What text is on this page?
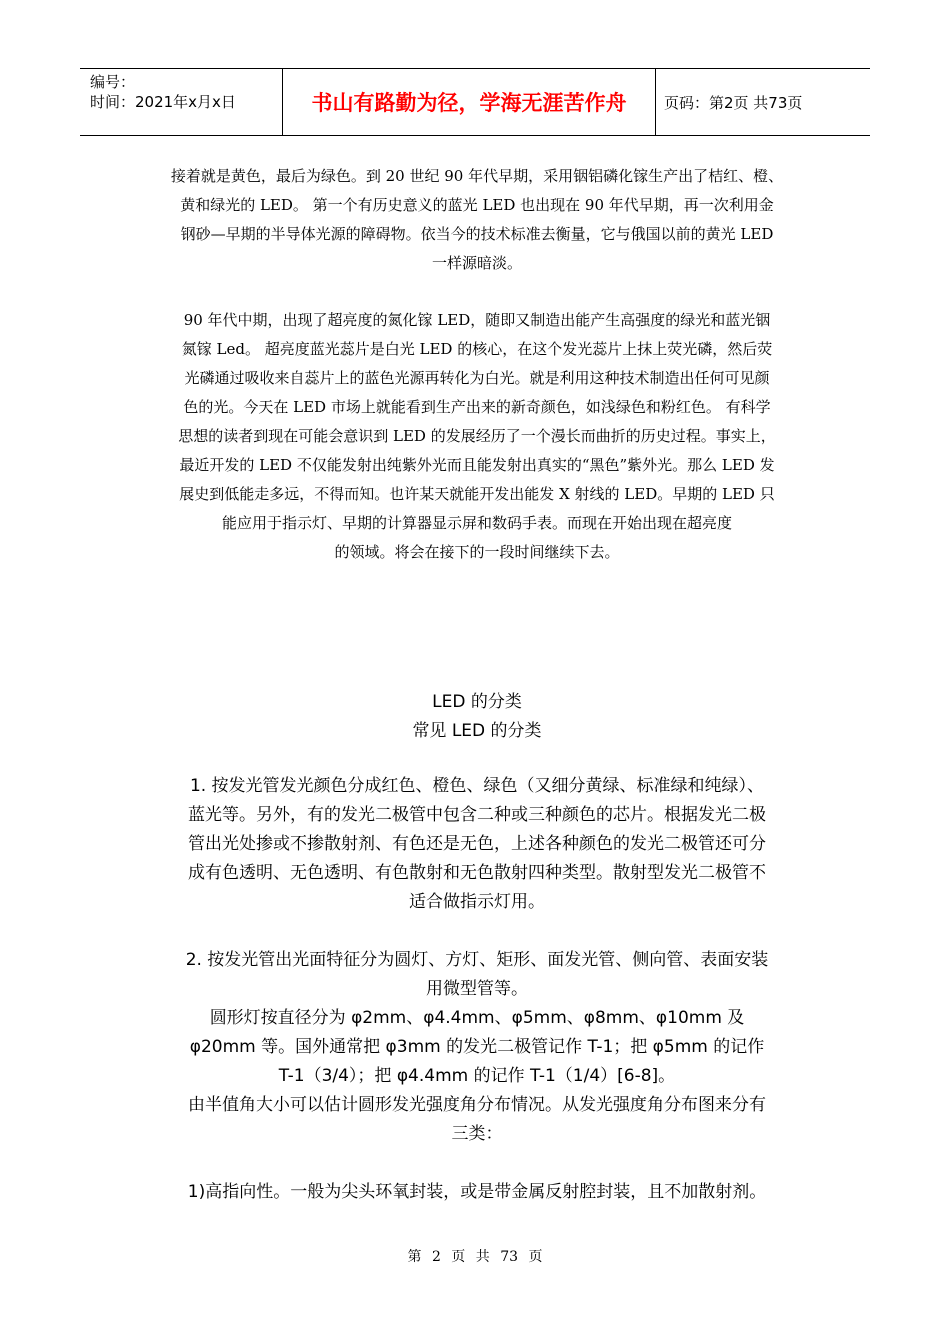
编号：
时间：2021年x月x日	书山有路勤为径，学海无涯苦作舟	页码：第2页 共73页
接着就是黄色，最后为绿色。到 20 世纪 90 年代早期，采用铟铝磷化镓生产出了桔红、橙、
黄和绿光的 LED。 第一个有历史意义的蓝光 LED 也出现在 90 年代早期，再一次利用金
钢砂—早期的半导体光源的障碍物。依当今的技术标准去衡量，它与俄国以前的黄光 LED
一样源暗淡。
90 年代中期，出现了超亮度的氮化镓 LED，随即又制造出能产生高强度的绿光和蓝光铟
氮镓 Led。 超亮度蓝光蕊片是白光 LED 的核心，在这个发光蕊片上抹上荧光磷，然后荧
光磷通过吸收来自蕊片上的蓝色光源再转化为白光。就是利用这种技术制造出任何可见颜
色的光。今天在 LED 市场上就能看到生产出来的新奇颜色，如浅绿色和粉红色。 有科学
思想的读者到现在可能会意识到 LED 的发展经历了一个漫长而曲折的历史过程。事实上，
最近开发的 LED 不仅能发射出纯紫外光而且能发射出真实的“黑色”紫外光。那么 LED 发
展史到低能走多远，不得而知。也许某天就能开发出能发 X 射线的 LED。早期的 LED 只
能应用于指示灯、早期的计算器显示屏和数码手表。而现在开始出现在超亮度
的领域。将会在接下的一段时间继续下去。
LED 的分类
常见 LED 的分类
1. 按发光管发光颜色分成红色、橙色、绿色（又细分黄绿、标准绿和纯绿）、
蓝光等。另外，有的发光二极管中包含二种或三种颜色的芯片。根据发光二极
管出光处掺或不掺散射剂、有色还是无色，上述各种颜色的发光二极管还可分
成有色透明、无色透明、有色散射和无色散射四种类型。散射型发光二极管不
适合做指示灯用。
2. 按发光管出光面特征分为圆灯、方灯、矩形、面发光管、侧向管、表面安装
用微型管等。
圆形灯按直径分为 φ2mm、φ4.4mm、φ5mm、φ8mm、φ10mm 及
φ20mm 等。国外通常把 φ3mm 的发光二极管记作 T-1；把 φ5mm 的记作
T-1（3/4）；把 φ4.4mm 的记作 T-1（1/4）[6-8]。
由半值角大小可以估计圆形发光强度角分布情况。从发光强度角分布图来分有
三类：
1)高指向性。一般为尖头环氧封装，或是带金属反射腔封装，且不加散射剂。
第 2 页 共 73 页
